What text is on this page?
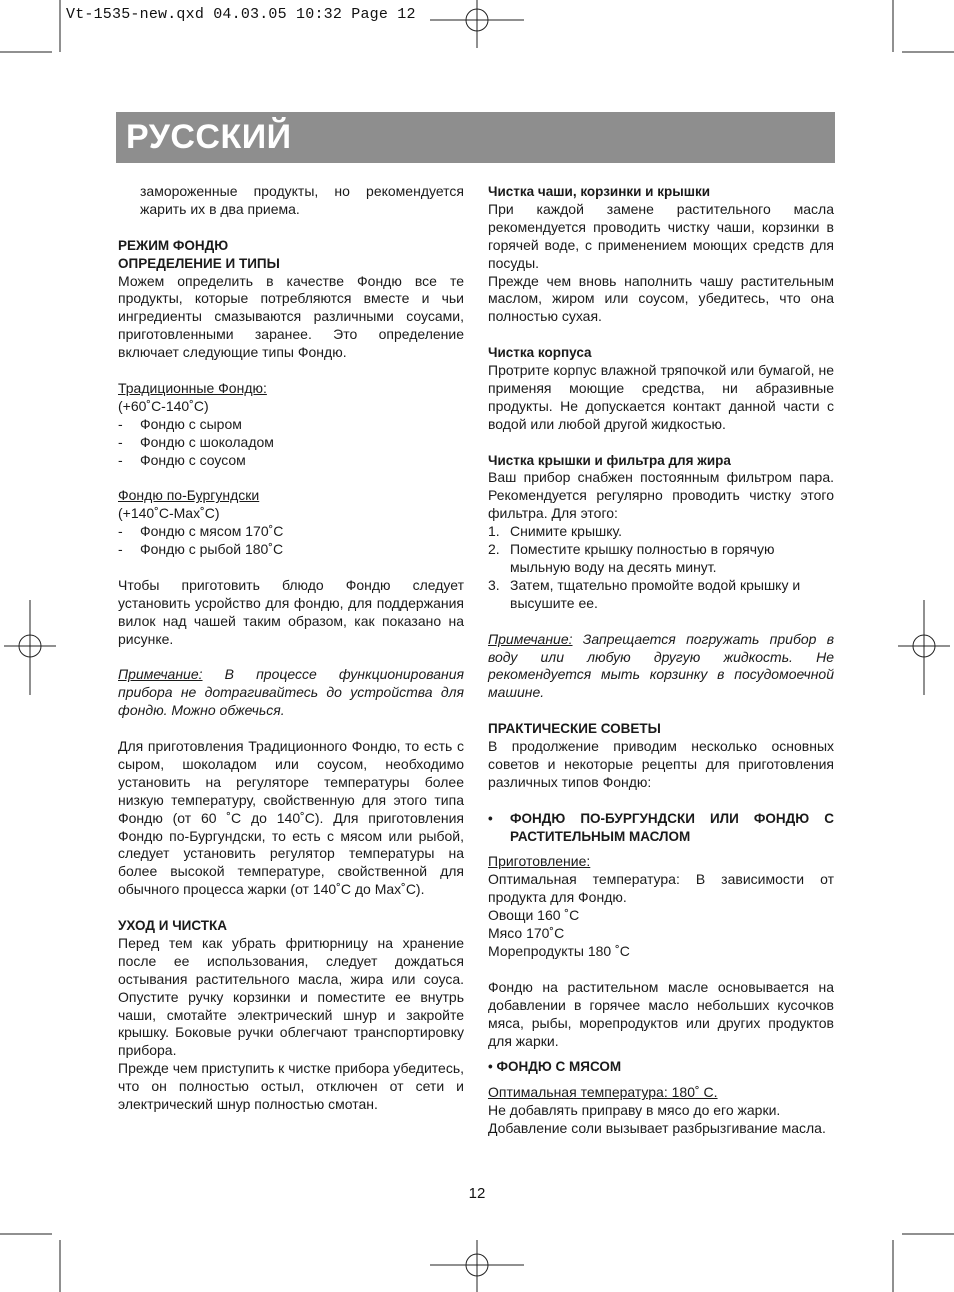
Vt-1535-new.qxd 04.03.05 10:32 Page 12
РУССКИЙ

замороженные продукты, но рекомендуется жарить их в два приема.

РЕЖИМ ФОНДЮ

ОПРЕДЕЛЕНИЕ И ТИПЫ

Можем определить в качестве Фондю все те продукты, которые потребляются вместе и чьи ингредиенты смазываются различными соусами, приготовленными заранее. Это определение включает следующие типы Фондю.

Традиционные Фондю:

(+60˚С-140˚С)

- Фондю с сыром

- Фондю с шоколадом

- Фондю с соусом

Фондю по-Бургундски

(+140˚С-Max˚С)

- Фондю с мясом 170˚С

- Фондю с рыбой 180˚С

Чтобы приготовить блюдо Фондю следует установить усройство для фондю, для поддержания вилок над чашей таким образом, как показано на рисунке.

Примечание: В процессе функционирования прибора не дотрагивайтесь до устройства для фондю. Можно обжечься.

Для приготовления Традиционного Фондю, то есть с сыром, шоколадом или соусом, необходимо установить на регуляторе температуры более низкую температуру, свойственную для этого типа Фондю (от 60 ˚С до 140˚С). Для приготовления Фондю по-Бургундски, то есть с мясом или рыбой, следует установить регулятор температуры на более высокой температуре, свойственной для обычного процесса жарки (от 140˚С до Max˚С).

УХОД И ЧИСТКА

Перед тем как убрать фритюрницу на хранение после ее использования, следует дождаться остывания растительного масла, жира или соуса. Опустите ручку корзинки и поместите ее внутрь чаши, смотайте электрический шнур и закройте крышку. Боковые ручки облегчают транспортировку прибора.

Прежде чем приступить к чистке прибора убедитесь, что он полностью остыл, отключен от сети и электрический шнур полностью смотан.

Чистка чаши, корзинки и крышки

При каждой замене растительного масла рекомендуется проводить чистку чаши, корзинки в горячей воде, с применением моющих средств для посуды.

Прежде чем вновь наполнить чашу растительным маслом, жиром или соусом, убедитесь, что она полностью сухая.

Чистка корпуса

Протрите корпус влажной тряпочкой или бумагой, не применяя моющие средства, ни абразивные продукты. Не допускается контакт данной части с водой или любой другой жидкостью.

Чистка крышки и фильтра для жира

Ваш прибор снабжен постоянным фильтром пара. Рекомендуется регулярно проводить чистку этого фильтра. Для этого:

1. Снимите крышку.

2. Поместите крышку полностью в горячую мыльную воду на десять минут.

3. Затем, тщательно промойте водой крышку и высушите ее.

Примечание: Запрещается погружать прибор в воду или любую другую жидкость. Не рекомендуется мыть корзинку в посудомоечной машине.

ПРАКТИЧЕСКИЕ СОВЕТЫ

В продолжение приводим несколько основных советов и некоторые рецепты для приготовления различных типов Фондю:

• ФОНДЮ ПО-БУРГУНДСКИ ИЛИ ФОНДЮ С РАСТИТЕЛЬНЫМ МАСЛОМ

Приготовление:

Оптимальная температура: В зависимости от продукта для Фондю.

Овощи 160 ˚С

Мясо 170˚С

Морепродукты 180 ˚С

Фондю на растительном масле основывается на добавлении в горячее масло небольших кусочков мяса, рыбы, морепродуктов или других продуктов для жарки.

• ФОНДЮ С МЯСОМ

Оптимальная температура: 180˚ С.

Не добавлять приправу в мясо до его жарки. Добавление соли вызывает разбрызгивание масла.

12
